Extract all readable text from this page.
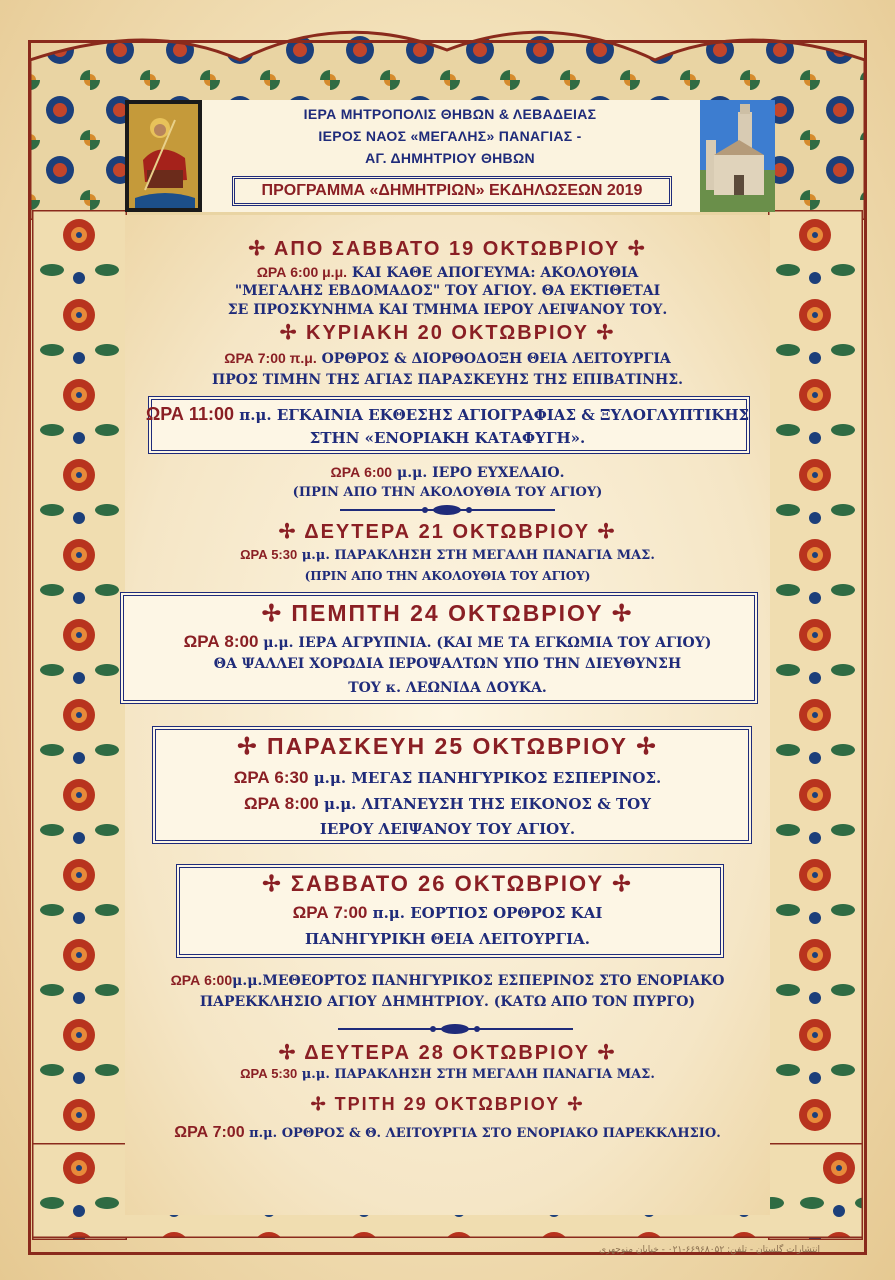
ΙΕΡΑ ΜΗΤΡΟΠΟΛΙΣ ΘΗΒΩΝ & ΛΕΒΑΔΕΙΑΣ
ΙΕΡΟΣ ΝΑΟΣ «ΜΕΓΑΛΗΣ» ΠΑΝΑΓΙΑΣ -
ΑΓ. ΔΗΜΗΤΡΙΟΥ ΘΗΒΩΝ
ΠΡΟΓΡΑΜΜΑ «ΔΗΜΗΤΡΙΩΝ» ΕΚΔΗΛΩΣΕΩΝ 2019
✢ ΑΠΟ ΣΑΒΒΑΤΟ 19 ΟΚΤΩΒΡΙΟΥ ✢
ΩΡΑ 6:00 μ.μ. ΚΑΙ ΚΑΘΕ ΑΠΟΓΕΥΜΑ: ΑΚΟΛΟΥΘΙΑ
"ΜΕΓΑΛΗΣ ΕΒΔΟΜΑΔΟΣ" ΤΟΥ ΑΓΙΟΥ. ΘΑ ΕΚΤΙΘΕΤΑΙ
ΣΕ ΠΡΟΣΚΥΝΗΜΑ ΚΑΙ ΤΜΗΜΑ ΙΕΡΟΥ ΛΕΙΨΑΝΟΥ ΤΟΥ.
✢ ΚΥΡΙΑΚΗ 20 ΟΚΤΩΒΡΙΟΥ ✢
ΩΡΑ 7:00 π.μ. ΟΡΘΡΟΣ & ΔΙΟΡΘΟΔΟΞΗ ΘΕΙΑ ΛΕΙΤΟΥΡΓΙΑ
ΠΡΟΣ ΤΙΜΗΝ ΤΗΣ ΑΓΙΑΣ ΠΑΡΑΣΚΕΥΗΣ ΤΗΣ ΕΠΙΒΑΤΙΝΗΣ.
ΩΡΑ 11:00 π.μ. ΕΓΚΑΙΝΙΑ ΕΚΘΕΣΗΣ ΑΓΙΟΓΡΑΦΙΑΣ & ΞΥΛΟΓΛΥΠΤΙΚΗΣ
ΣΤΗΝ «ΕΝΟΡΙΑΚΗ ΚΑΤΑΦΥΓΗ».
ΩΡΑ 6:00 μ.μ. ΙΕΡΟ ΕΥΧΕΛΑΙΟ.
(ΠΡΙΝ ΑΠΟ ΤΗΝ ΑΚΟΛΟΥΘΙΑ ΤΟΥ ΑΓΙΟΥ)
✢ ΔΕΥΤΕΡΑ 21 ΟΚΤΩΒΡΙΟΥ ✢
ΩΡΑ 5:30 μ.μ. ΠΑΡΑΚΛΗΣΗ ΣΤΗ ΜΕΓΑΛΗ ΠΑΝΑΓΙΑ ΜΑΣ.
(ΠΡΙΝ ΑΠΟ ΤΗΝ ΑΚΟΛΟΥΘΙΑ ΤΟΥ ΑΓΙΟΥ)
✢ ΠΕΜΠΤΗ 24 ΟΚΤΩΒΡΙΟΥ ✢
ΩΡΑ 8:00 μ.μ. ΙΕΡΑ ΑΓΡΥΠΝΙΑ. (ΚΑΙ ΜΕ ΤΑ ΕΓΚΩΜΙΑ ΤΟΥ ΑΓΙΟΥ)
ΘΑ ΨΑΛΛΕΙ ΧΟΡΩΔΙΑ ΙΕΡΟΨΑΛΤΩΝ ΥΠΟ ΤΗΝ ΔΙΕΥΘΥΝΣΗ
ΤΟΥ κ. ΛΕΩΝΙΔΑ ΔΟΥΚΑ.
✢ ΠΑΡΑΣΚΕΥΗ 25 ΟΚΤΩΒΡΙΟΥ ✢
ΩΡΑ 6:30 μ.μ. ΜΕΓΑΣ ΠΑΝΗΓΥΡΙΚΟΣ ΕΣΠΕΡΙΝΟΣ.
ΩΡΑ 8:00 μ.μ. ΛΙΤΑΝΕΥΣΗ ΤΗΣ ΕΙΚΟΝΟΣ & ΤΟΥ
ΙΕΡΟΥ ΛΕΙΨΑΝΟΥ ΤΟΥ ΑΓΙΟΥ.
✢ ΣΑΒΒΑΤΟ 26 ΟΚΤΩΒΡΙΟΥ ✢
ΩΡΑ 7:00 π.μ. ΕΟΡΤΙΟΣ ΟΡΘΡΟΣ ΚΑΙ
ΠΑΝΗΓΥΡΙΚΗ ΘΕΙΑ ΛΕΙΤΟΥΡΓΙΑ.
ΩΡΑ 6:00μ.μ.ΜΕΘΕΟΡΤΟΣ ΠΑΝΗΓΥΡΙΚΟΣ ΕΣΠΕΡΙΝΟΣ ΣΤΟ ΕΝΟΡΙΑΚΟ
ΠΑΡΕΚΚΛΗΣΙΟ ΑΓΙΟΥ ΔΗΜΗΤΡΙΟΥ. (ΚΑΤΩ ΑΠΟ ΤΟΝ ΠΥΡΓΟ)
✢ ΔΕΥΤΕΡΑ 28 ΟΚΤΩΒΡΙΟΥ ✢
ΩΡΑ 5:30 μ.μ. ΠΑΡΑΚΛΗΣΗ ΣΤΗ ΜΕΓΑΛΗ ΠΑΝΑΓΙΑ ΜΑΣ.
✢ ΤΡΙΤΗ 29 ΟΚΤΩΒΡΙΟΥ ✢
ΩΡΑ 7:00 π.μ. ΟΡΘΡΟΣ & Θ. ΛΕΙΤΟΥΡΓΙΑ ΣΤΟ ΕΝΟΡΙΑΚΟ ΠΑΡΕΚΚΛΗΣΙΟ.
انتشارات گلستان - تلفن: ۶۶۹۶۸۰۵۲-۰۲۱ - خیابان منوچهری
